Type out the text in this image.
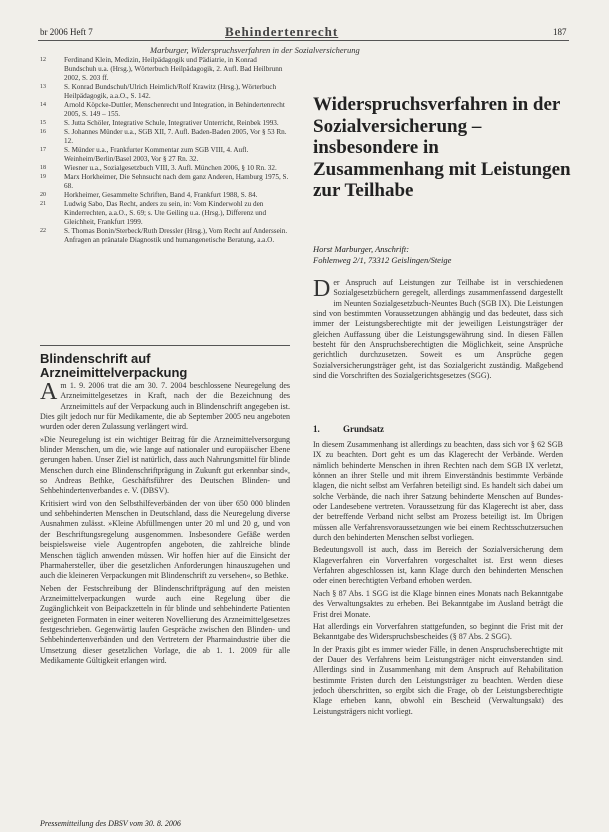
br 2006 Heft 7	Behindertenrecht	187
Marburger, Widerspruchsverfahren in der Sozialversicherung
12	Ferdinand Klein, Medizin, Heilpädagogik und Pädiatrie, in Konrad Bundschuh u.a. (Hrsg.), Wörterbuch Heilpädagogik, 2. Aufl. Bad Heilbrunn 2002, S. 203 ff.
13	S. Konrad Bundschuh/Ulrich Heimlich/Rolf Krawitz (Hrsg.), Wörterbuch Heilpädagogik, a.a.O., S. 142.
14	Arnold Köpcke-Duttler, Menschenrecht und Integration, in Behindertenrecht 2005, S. 149 – 155.
15	S. Jutta Schöler, Integrative Schule, Integrativer Unterricht, Reinbek 1993.
16	S. Johannes Münder u.a., SGB XII, 7. Aufl. Baden-Baden 2005, Vor § 53 Rn. 12.
17	S. Münder u.a., Frankfurter Kommentar zum SGB VIII, 4. Aufl. Weinheim/Berlin/Basel 2003, Vor § 27 Rn. 32.
18	Wiesner u.a., Sozialgesetzbuch VIII, 3. Aufl. München 2006, § 10 Rn. 32.
19	Marx Horkheimer, Die Sehnsucht nach dem ganz Anderen, Hamburg 1975, S. 68.
20	Horkheimer, Gesammelte Schriften, Band 4, Frankfurt 1988, S. 84.
21	Ludwig Sabo, Das Recht, anders zu sein, in: Vom Kinderwohl zu den Kinderrechten, a.a.O., S. 69; s. Ute Geiling u.a. (Hrsg.), Differenz und Gleichheit, Frankfurt 1999.
22	S. Thomas Bonin/Sterbeck/Ruth Dressler (Hrsg.), Vom Recht auf Anderssein. Anfragen an pränatale Diagnostik und humangenetische Beratung, a.a.O.
Blindenschrift auf Arzneimittelverpackung

Am 1. 9. 2006 trat die am 30. 7. 2004 beschlossene Neuregelung des Arzneimittelgesetzes in Kraft, nach der die Bezeichnung des Arzneimittels auf der Verpackung auch in Blindenschrift angegeben ist. Dies gilt jedoch nur für Medikamente, die ab September 2005 neu angeboten wurden oder deren Zulassung verlängert wird.

»Die Neuregelung ist ein wichtiger Beitrag für die Arzneimittelversorgung blinder Menschen, um die, wie lange auf nationaler und europäischer Ebene gerungen haben. Unser Ziel ist natürlich, dass auch Nahrungsmittel für blinde Menschen durch eine Blindenschriftprägung in Zukunft gut erkennbar sind«, so Andreas Bethke, Geschäftsführer des Deutschen Blinden- und Sehbehindertenverbandes e. V. (DBSV).

Kritisiert wird von den Selbsthilfeverbänden der von über 650 000 blinden und sehbehinderten Menschen in Deutschland, dass die Neuregelung diverse Ausnahmen zulässt. »Kleine Abfüllmengen unter 20 ml und 20 g, und von der Beschriftungsregelung ausgenommen. Insbesondere Gefäße werden beispielsweise viele Augentropfen angeboten, die zahlreiche blinde Menschen täglich anwenden müssen. Wir hoffen hier auf die Einsicht der Pharmahersteller, über die gesetzlichen Anforderungen hinauszugehen und auch die kleineren Verpackungen mit Blindenschrift zu versehen«, so Bethke.

Neben der Festschreibung der Blindenschriftprägung auf den meisten Arzneimittelverpackungen wurde auch eine Regelung über die Zugänglichkeit von Beipackzetteln in für blinde und sehbehinderte Patienten geeigneten Formaten in einer weiteren Novellierung des Arzneimittelgesetzes festgeschrieben. Gegenwärtig laufen Gespräche zwischen den Blinden- und Sehbehindertenverbänden und den Vertretern der Pharmaindustrie über die Umsetzung dieser gesetzlichen Vorlage, die ab 1. 1. 2009 für alle Medikamente Gültigkeit erlangen wird.

Pressemitteilung des DBSV vom 30. 8. 2006
Widerspruchsverfahren in der Sozialversicherung – insbesondere in Zusammenhang mit Leistungen zur Teilhabe
Horst Marburger, Anschrift:
Fohlenweg 2/1, 73312 Geislingen/Steige

Der Anspruch auf Leistungen zur Teilhabe ist in verschiedenen Sozialgesetzbüchern geregelt, allerdings zusammenfassend dargestellt im Neunten Sozialgesetzbuch-Neuntes Buch (SGB IX). Die Leistungen sind von bestimmten Voraussetzungen abhängig und das bedeutet, dass sich immer der Leistungsberechtigte mit der jeweiligen Leistungsträger der gleichen Auffassung über die Leistungsgewährung sind. In diesen Fällen besteht für den Anspruchsberechtigten die Möglichkeit, seine Ansprüche gerichtlich durchzusetzen. Soweit es um Ansprüche gegen Sozialversicherungsträger geht, ist das Sozialgericht zuständig. Maßgebend sind die Vorschriften des Sozialgerichtsgesetzes (SGG).

1.	Grundsatz

In diesem Zusammenhang ist allerdings zu beachten, dass sich vor § 62 SGB IX zu beachten. Dort geht es um das Klagerecht der Verbände. Werden nämlich behinderte Menschen in ihren Rechten nach dem SGB IX verletzt, können an ihrer Stelle und mit ihrem Einverständnis bestimmte Verbände klagen, die nicht selbst am Verfahren beteiligt sind. Es handelt sich dabei um solche Verbände, die nach ihrer Satzung behinderte Menschen auf Bundes- oder Landesebene vertreten. Voraussetzung für das Klagerecht ist aber, dass der betreffende Verband nicht selbst am Prozess beteiligt ist. Im Übrigen müssen alle Verfahrensvoraussetzungen wie bei einem Rechtsschutzersuchen durch den behinderten Menschen selbst vorliegen.

Bedeutungsvoll ist auch, dass im Bereich der Sozialversicherung dem Klageverfahren ein Vorverfahren vorgeschaltet ist. Erst wenn dieses Verfahren abgeschlossen ist, kann Klage durch den behinderten Menschen oder einen berechtigten Verband erhoben werden.

Nach § 87 Abs. 1 SGG ist die Klage binnen eines Monats nach Bekanntgabe des Verwaltungsaktes zu erheben. Bei Bekanntgabe im Ausland beträgt die Frist drei Monate.

Hat allerdings ein Vorverfahren stattgefunden, so beginnt die Frist mit der Bekanntgabe des Widerspruchsbescheides (§ 87 Abs. 2 SGG).

In der Praxis gibt es immer wieder Fälle, in denen Anspruchsberechtigte mit der Dauer des Verfahrens beim Leistungsträger nicht einverstanden sind. Allerdings sind in Zusammenhang mit dem Anspruch auf Rehabilitation bestimmte Fristen durch den Leistungsträger zu beachten. Werden diese jedoch überschritten, so ergibt sich die Frage, ob der Leistungsberechtigte Klage erheben kann, obwohl ein Bescheid (Verwaltungsakt) des Leistungsträgers nicht vorliegt.
